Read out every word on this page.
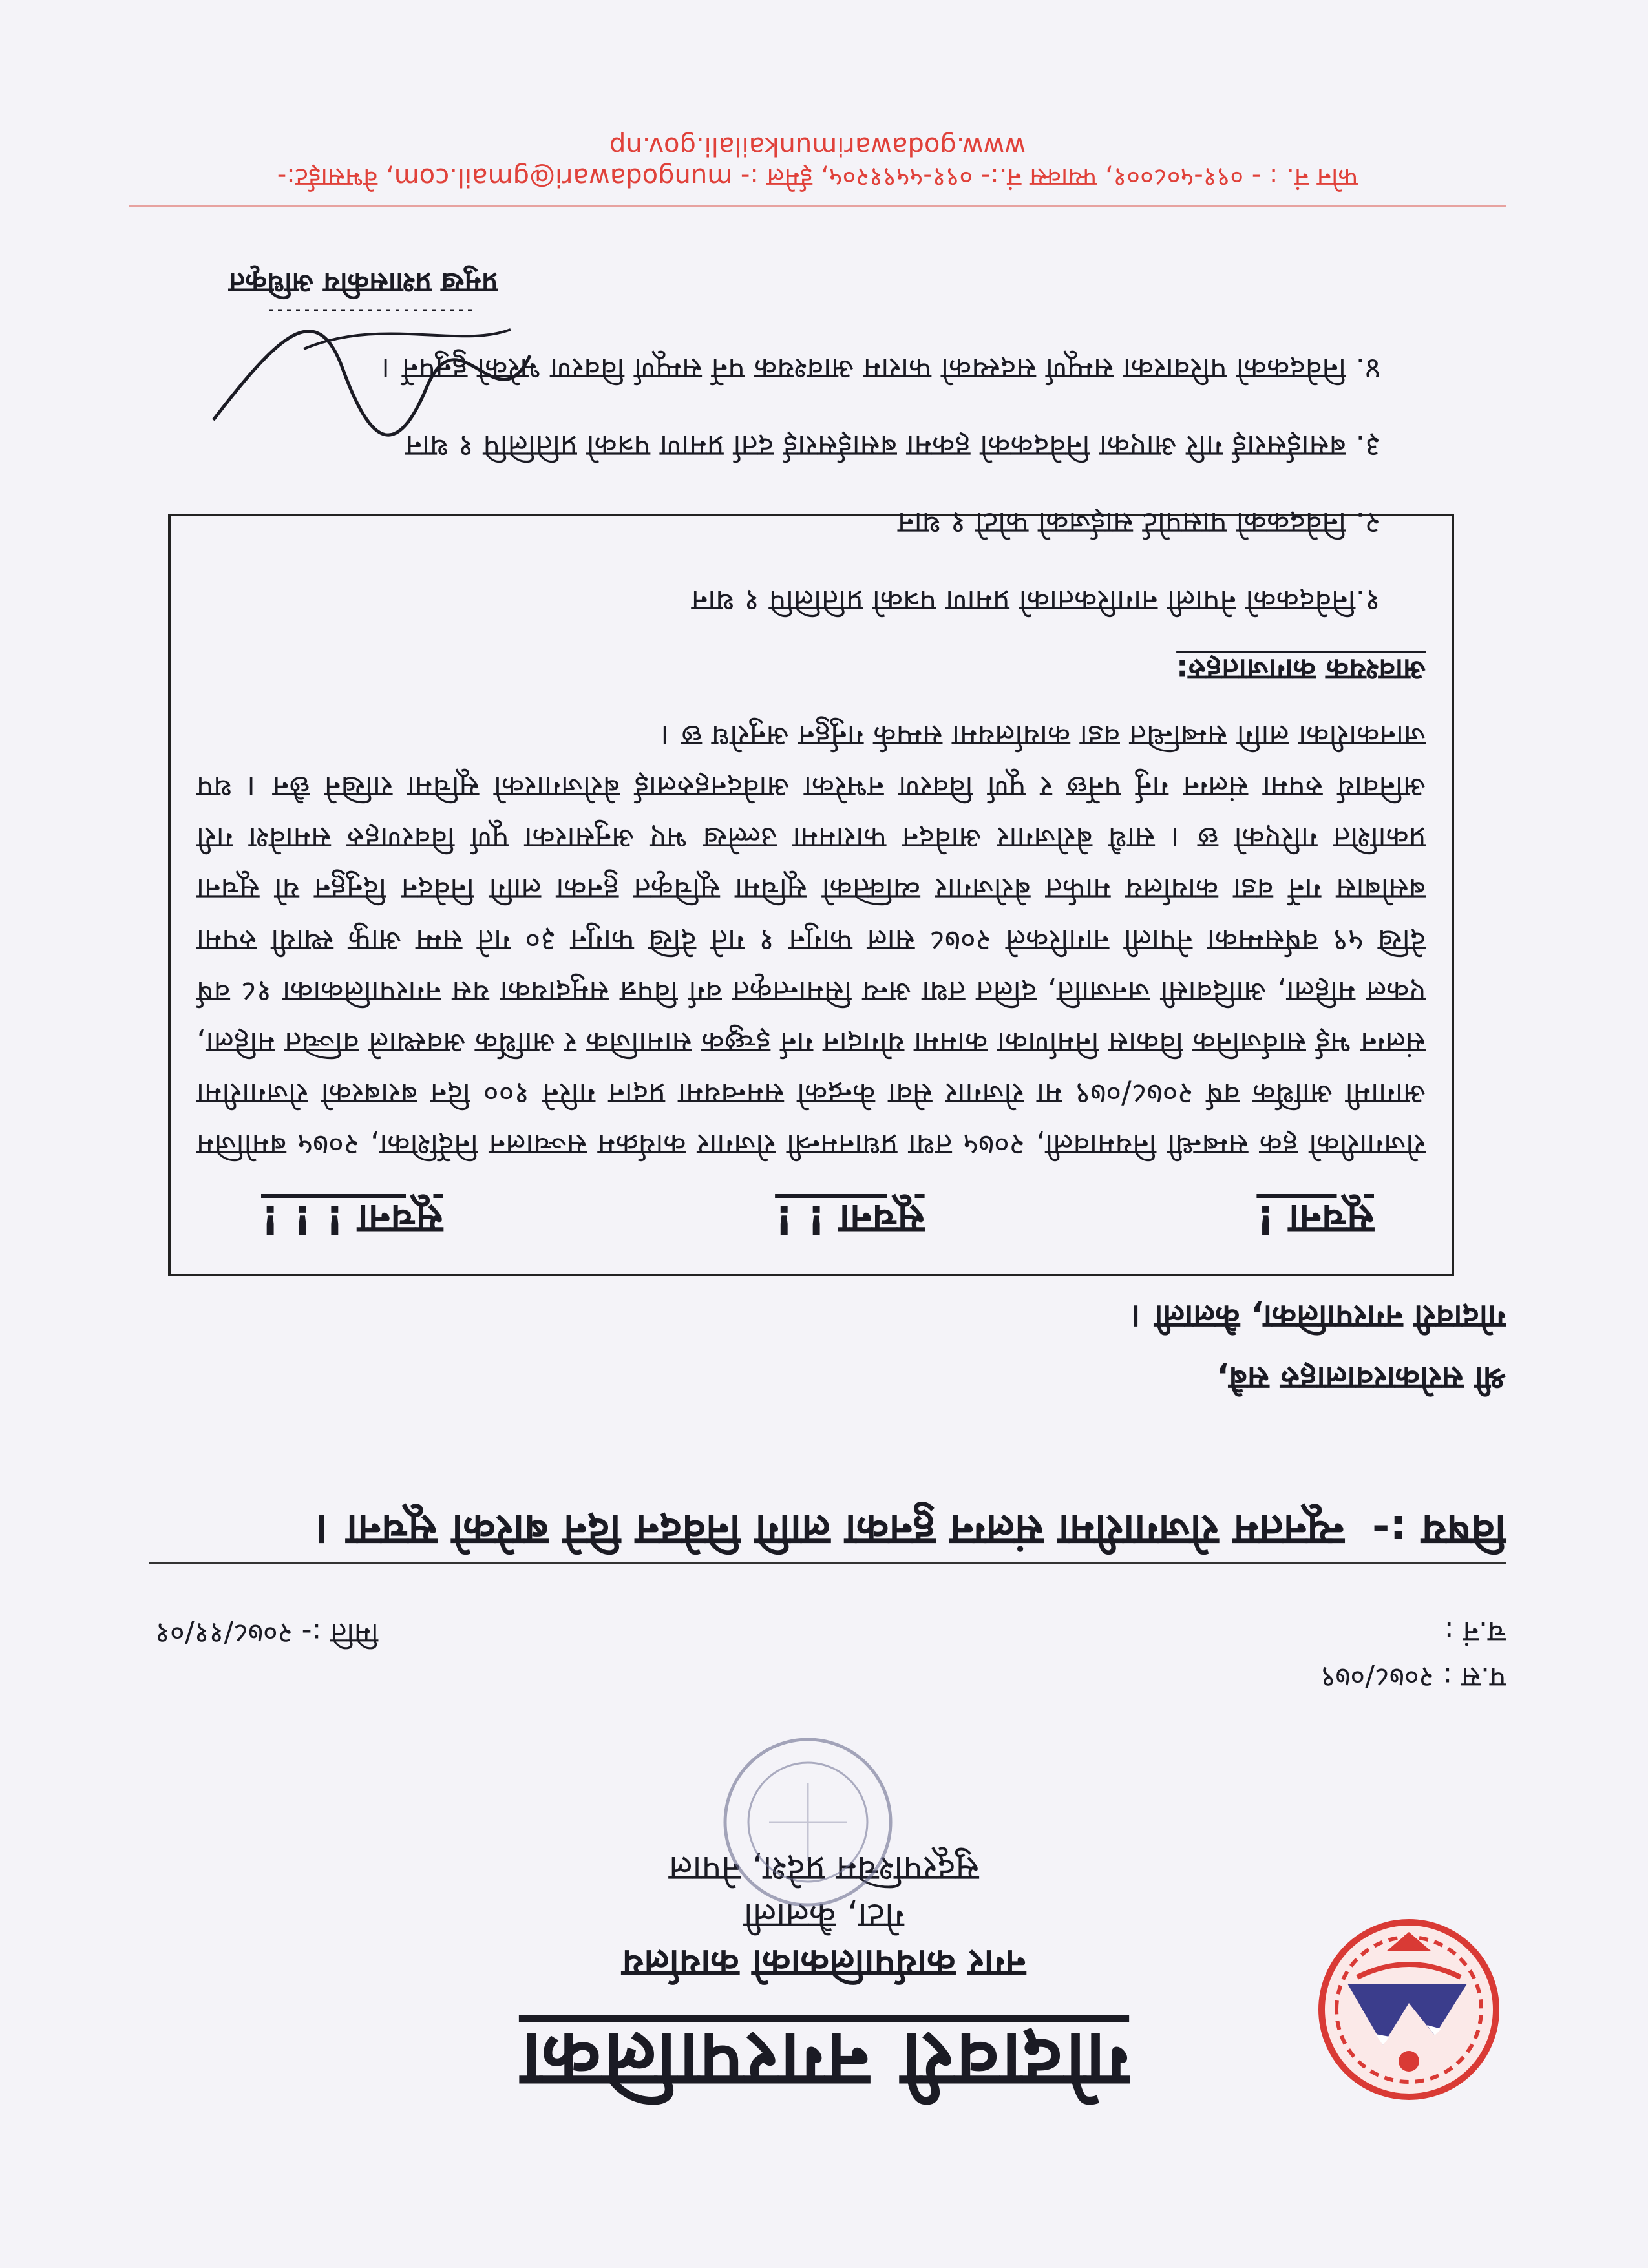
गोदावरी नगरपालिका
नगर कार्यपालिकाको कार्यालय
गेटा, कैलाली
सुदूरपश्चिम प्रदेश, नेपाल
प.स : २०७८/०७९
च.नं :
मिति :- २०७८/११/०१
विषय :- न्यूनतम रोजगारीमा संलग्न हुनका लागि निवेदन दिने बारेको सूचना ।
श्री सरोकारवालाहरु सबै,
गोदावरी नगरपालिका, कैलाली ।
सूचना !
सूचना ! !
सूचना ! ! !
रोजगारीको हक सम्बन्धी नियमावली, २०७५ तथा प्रधानमन्त्री रोजगार कार्यक्रम सञ्चालन निर्देशिका, २०७५ बमोजिम आगामी आर्थिक वर्ष २०७८/०७९ मा रोजगार सेवा केन्द्रको समन्वयमा प्रदान गरिने १०० दिन बराबरको रोजगारीमा संलग्न भई सार्वजनिक विकास निर्माणका काममा योगदान गर्न इच्छुक सामाजिक र आर्थिक अवस्थाले वञ्चित महिला, एकल महिला, आदिवासी जनजाति, दलित तथा अन्य सिमान्तकृत वर्ग विपन्न समुदायका यस नगरपालिकाका १८ वर्ष देखि ५९ वर्षसम्मका नेपाली नागरिकले २०७८ साल फागुन १ गते देखि फागुन ३० गते सम्म आफु स्थायी रुपमा बसोबास गर्ने वडा कार्यालय मार्फत बेरोजगार व्यक्तिको सूचिमा सूचिकृत हुनका लागि निवेदन दिनुहुन यो सूचना प्रकाशित गरिएको छ । साथै बेरोजगार आवेदन फाराममा उल्लेख भए अनुसारका पूर्ण विवरणहरु समावेश गरी अनिवार्य रुपमा संलग्न गर्नु पर्नेछ र पूर्ण विवरण नभरेका आवेदनहरुलाई बेरोजगारको सूचिमा राखिने छैन । थप जानकारीका लागि सम्बन्धित वडा कार्यालयमा सम्पर्क गर्नुहुन अनुरोध छ ।
आवश्यक कागजातहरु:
१.निवेदकको नेपाली नागरिकताको प्रमाण पत्रको प्रतिलिपि १ थान
२. निवेदकको पासपोर्ट साईजको फोटो १ थान
३. बसाईसराई गरि आएका निवेदकको हकमा बसाईसराई दर्ता प्रमाण पत्रको प्रतिलिपि १ थान
४. निवेदकको परिवारका सम्पूर्ण सदस्यको फाराम आवश्यक पर्ने सम्पूर्ण विवरण भरेको हुनुपर्ने ।
प्रमुख प्रशासकीय अधिकृत
फोन नं. : - ०९१-५०८००१, फ्याक्स नं.:- ०९१-५५९१२०५, ईमेल :- mungodawari@gmail.com, वेभसाईट:- www.godawarimunkailali.gov.np
